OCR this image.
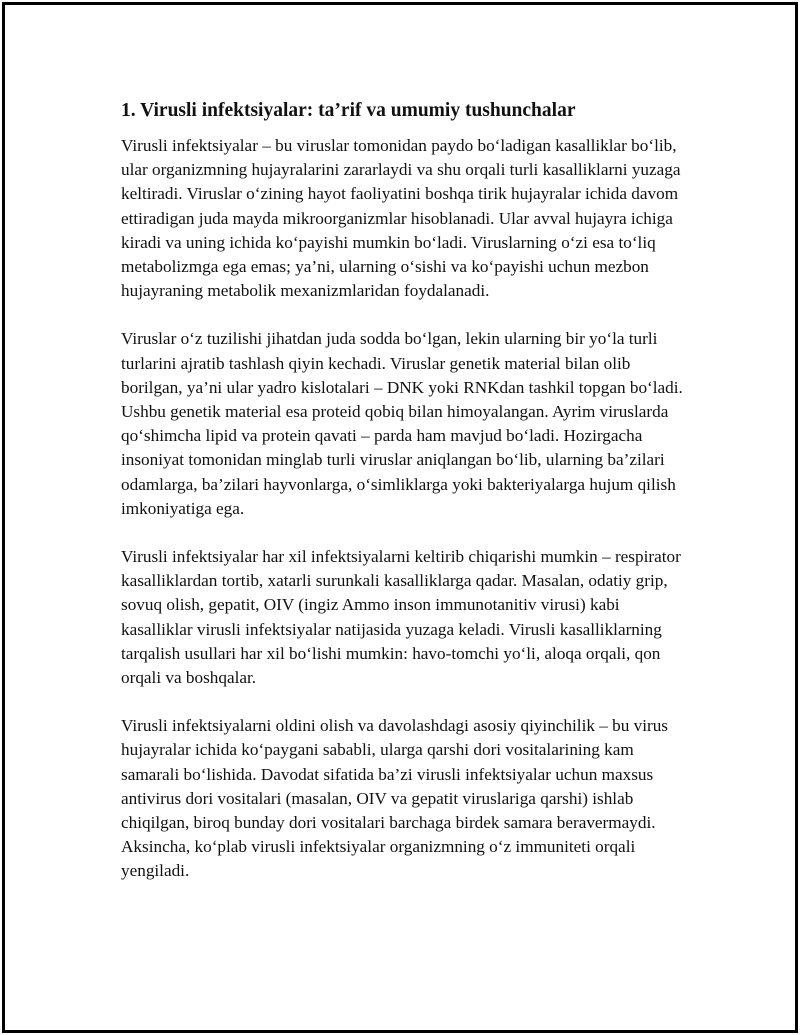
1. Virusli infektsiyalar: ta’rif va umumiy tushunchalar

Virusli infektsiyalar – bu viruslar tomonidan paydo bo‘ladigan kasalliklar bo‘lib, ular organizmning hujayralarini zararlaydi va shu orqali turli kasalliklarni yuzaga keltiradi. Viruslar o‘zining hayot faoliyatini boshqa tirik hujayralar ichida davom ettiradigan juda mayda mikroorganizmlar hisoblanadi. Ular avval hujayra ichiga kiradi va uning ichida ko‘payishi mumkin bo‘ladi. Viruslarning o‘zi esa to‘liq metabolizmga ega emas; ya’ni, ularning o‘sishi va ko‘payishi uchun mezbon hujayraning metabolik mexanizmlaridan foydalanadi.

Viruslar o‘z tuzilishi jihatdan juda sodda bo‘lgan, lekin ularning bir yo‘la turli turlarini ajratib tashlash qiyin kechadi. Viruslar genetik material bilan olib borilgan, ya’ni ular yadro kislotalari – DNK yoki RNKdan tashkil topgan bo‘ladi. Ushbu genetik material esa proteid qobiq bilan himoyalangan. Ayrim viruslarda qo‘shimcha lipid va protein qavati – parda ham mavjud bo‘ladi. Hozirgacha insoniyat tomonidan minglab turli viruslar aniqlangan bo‘lib, ularning ba’zilari odamlarga, ba’zilari hayvonlarga, o‘simliklarga yoki bakteriyalarga hujum qilish imkoniyatiga ega.

Virusli infektsiyalar har xil infektsiyalarni keltirib chiqarishi mumkin – respirator kasalliklardan tortib, xatarli surunkali kasalliklarga qadar. Masalan, odatiy grip, sovuq olish, gepatit, OIV (ingiz Ammo inson immunotanitiv virusi) kabi kasalliklar virusli infektsiyalar natijasida yuzaga keladi. Virusli kasalliklarning tarqalish usullari har xil bo‘lishi mumkin: havo-tomchi yo‘li, aloqa orqali, qon orqali va boshqalar.

Virusli infektsiyalarni oldini olish va davolashdagi asosiy qiyinchilik – bu virus hujayralar ichida ko‘paygani sababli, ularga qarshi dori vositalarining kam samarali bo‘lishida. Davodat sifatida ba’zi virusli infektsiyalar uchun maxsus antivirus dori vositalari (masalan, OIV va gepatit viruslariga qarshi) ishlab chiqilgan, biroq bunday dori vositalari barchaga birdek samara beravermaydi. Aksincha, ko‘plab virusli infektsiyalar organizmning o‘z immuniteti orqali yengiladi.
